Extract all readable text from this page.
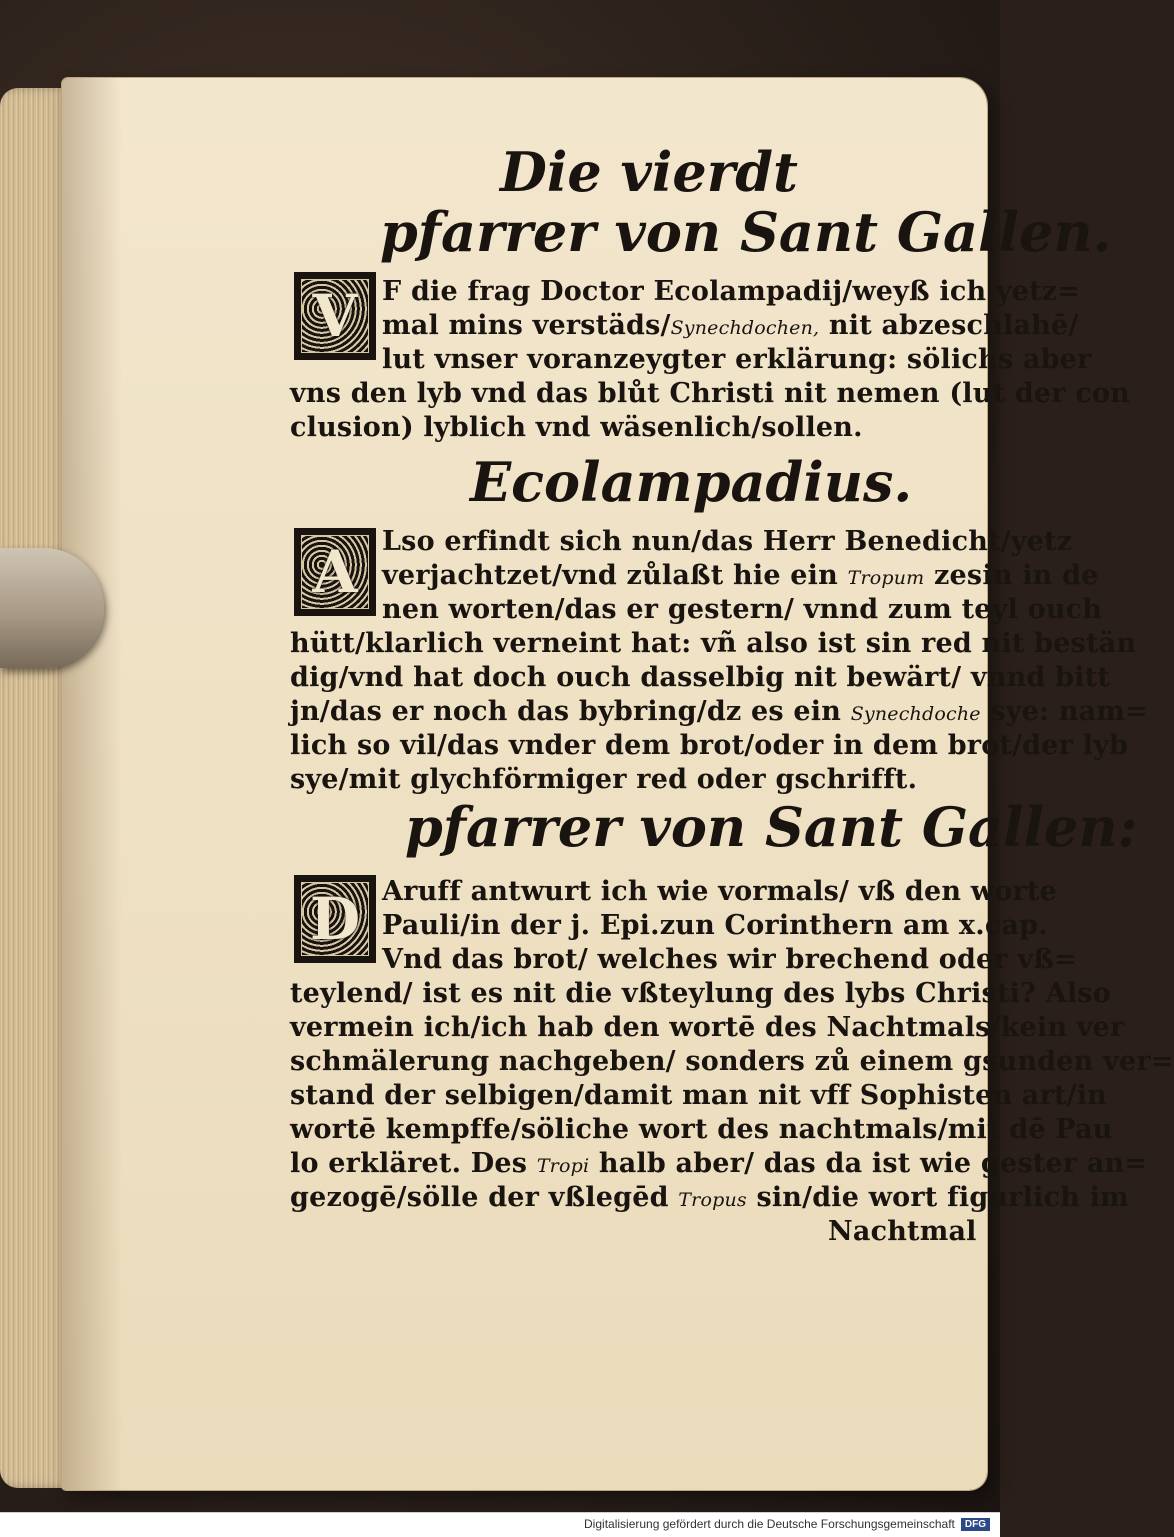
Die vierdt
pfarrer von Sant Gallen.
V F die frag Doctor Ecolampadij/weyß ich yetz=
mal mins verstäds/Synechdochen, nit abzeschlahē/
lut vnser voranzeygter erklärung: sölichs aber
vns den lyb vnd das blůt Christi nit nemen (lut der con
clusion) lyblich vnd wäsenlich/sollen.
Ecolampadius.
A Lso erfindt sich nun/das Herr Benedicht/yetz
verjachtzet/vnd zůlaßt hie ein Tropum zesin in de
nen worten/das er gestern/ vnnd zum teyl ouch
hütt/klarlich verneint hat: vñ also ist sin red nit bestän
dig/vnd hat doch ouch dasselbig nit bewärt/ vnnd bitt
jn/das er noch das bybring/dz es ein Synechdoche sye: nam=
lich so vil/das vnder dem brot/oder in dem brot/der lyb
sye/mit glychförmiger red oder gschrifft.
pfarrer von Sant Gallen:
D Aruff antwurt ich wie vormals/ vß den worte
Pauli/in der j. Epi.zun Corinthern am x.cap.
Vnd das brot/ welches wir brechend oder vß=
teylend/ ist es nit die vßteylung des lybs Christi? Also
vermein ich/ich hab den wortē des Nachtmals/kein ver
schmälerung nachgeben/ sonders zů einem gsunden ver=
stand der selbigen/damit man nit vff Sophisten art/in
wortē kempffe/söliche wort des nachtmals/mit dē Pau
lo erkläret. Des Tropi halb aber/ das da ist wie gester an=
gezogē/sölle der vßlegēd Tropus sin/die wort figurlich im
Nachtmal
Digitalisierung gefördert durch die Deutsche Forschungsgemeinschaft	DFG
